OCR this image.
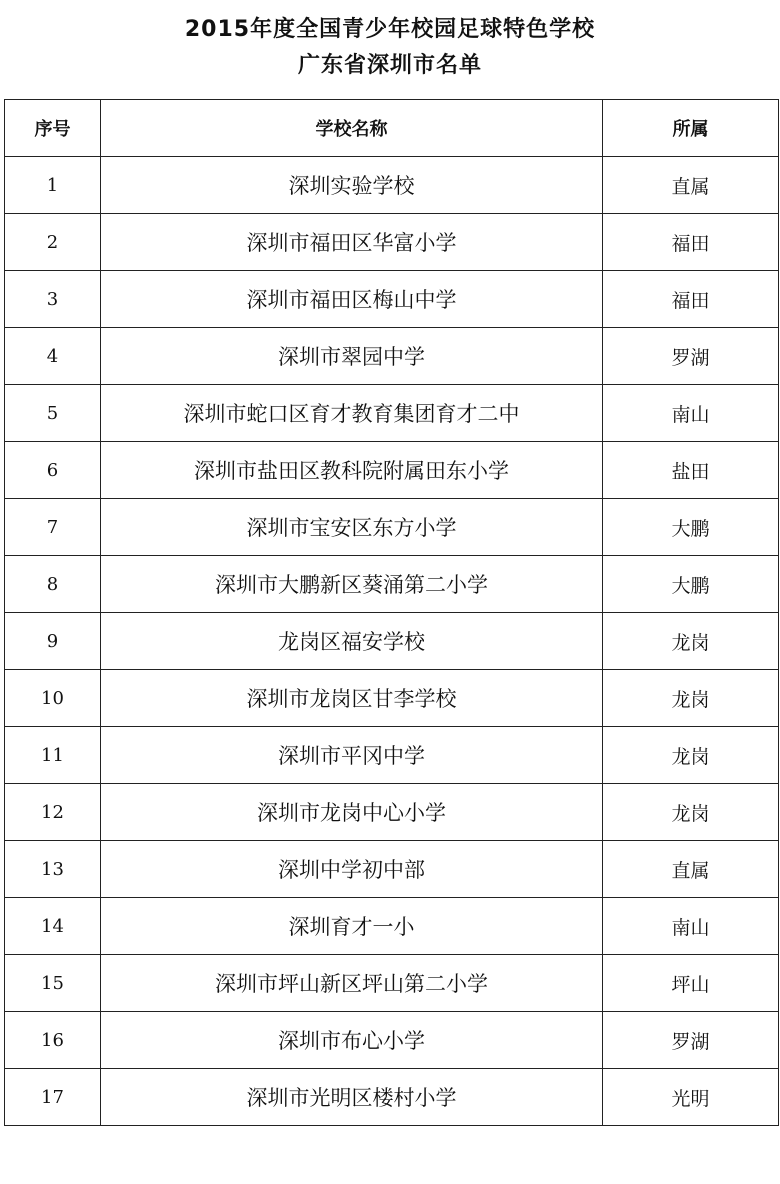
2015年度全国青少年校园足球特色学校
广东省深圳市名单
序号	学校名称	所属
1	深圳实验学校	直属
2	深圳市福田区华富小学	福田
3	深圳市福田区梅山中学	福田
4	深圳市翠园中学	罗湖
5	深圳市蛇口区育才教育集团育才二中	南山
6	深圳市盐田区教科院附属田东小学	盐田
7	深圳市宝安区东方小学	大鹏
8	深圳市大鹏新区葵涌第二小学	大鹏
9	龙岗区福安学校	龙岗
10	深圳市龙岗区甘李学校	龙岗
11	深圳市平冈中学	龙岗
12	深圳市龙岗中心小学	龙岗
13	深圳中学初中部	直属
14	深圳育才一小	南山
15	深圳市坪山新区坪山第二小学	坪山
16	深圳市布心小学	罗湖
17	深圳市光明区楼村小学	光明
